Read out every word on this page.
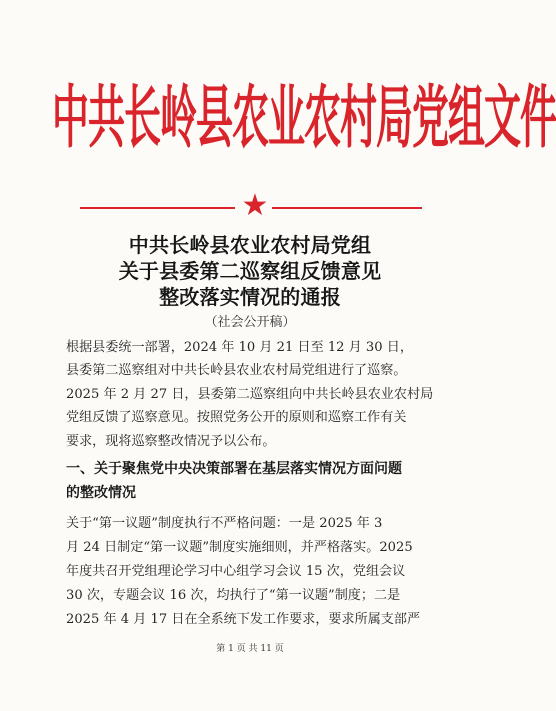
中共长岭县农业农村局党组文件
★
中共长岭县农业农村局党组
关于县委第二巡察组反馈意见
整改落实情况的通报
（社会公开稿）
根据县委统一部署，2024 年 10 月 21 日至 12 月 30 日，
县委第二巡察组对中共长岭县农业农村局党组进行了巡察。
2025 年 2 月 27 日，县委第二巡察组向中共长岭县农业农村局
党组反馈了巡察意见。按照党务公开的原则和巡察工作有关
要求，现将巡察整改情况予以公布。
一、关于聚焦党中央决策部署在基层落实情况方面问题
的整改情况
关于“第一议题”制度执行不严格问题：一是 2025 年 3
月 24 日制定“第一议题”制度实施细则，并严格落实。2025
年度共召开党组理论学习中心组学习会议 15 次，党组会议
30 次，专题会议 16 次，均执行了“第一议题”制度；二是
2025 年 4 月 17 日在全系统下发工作要求，要求所属支部严
第 1 页 共 11 页
